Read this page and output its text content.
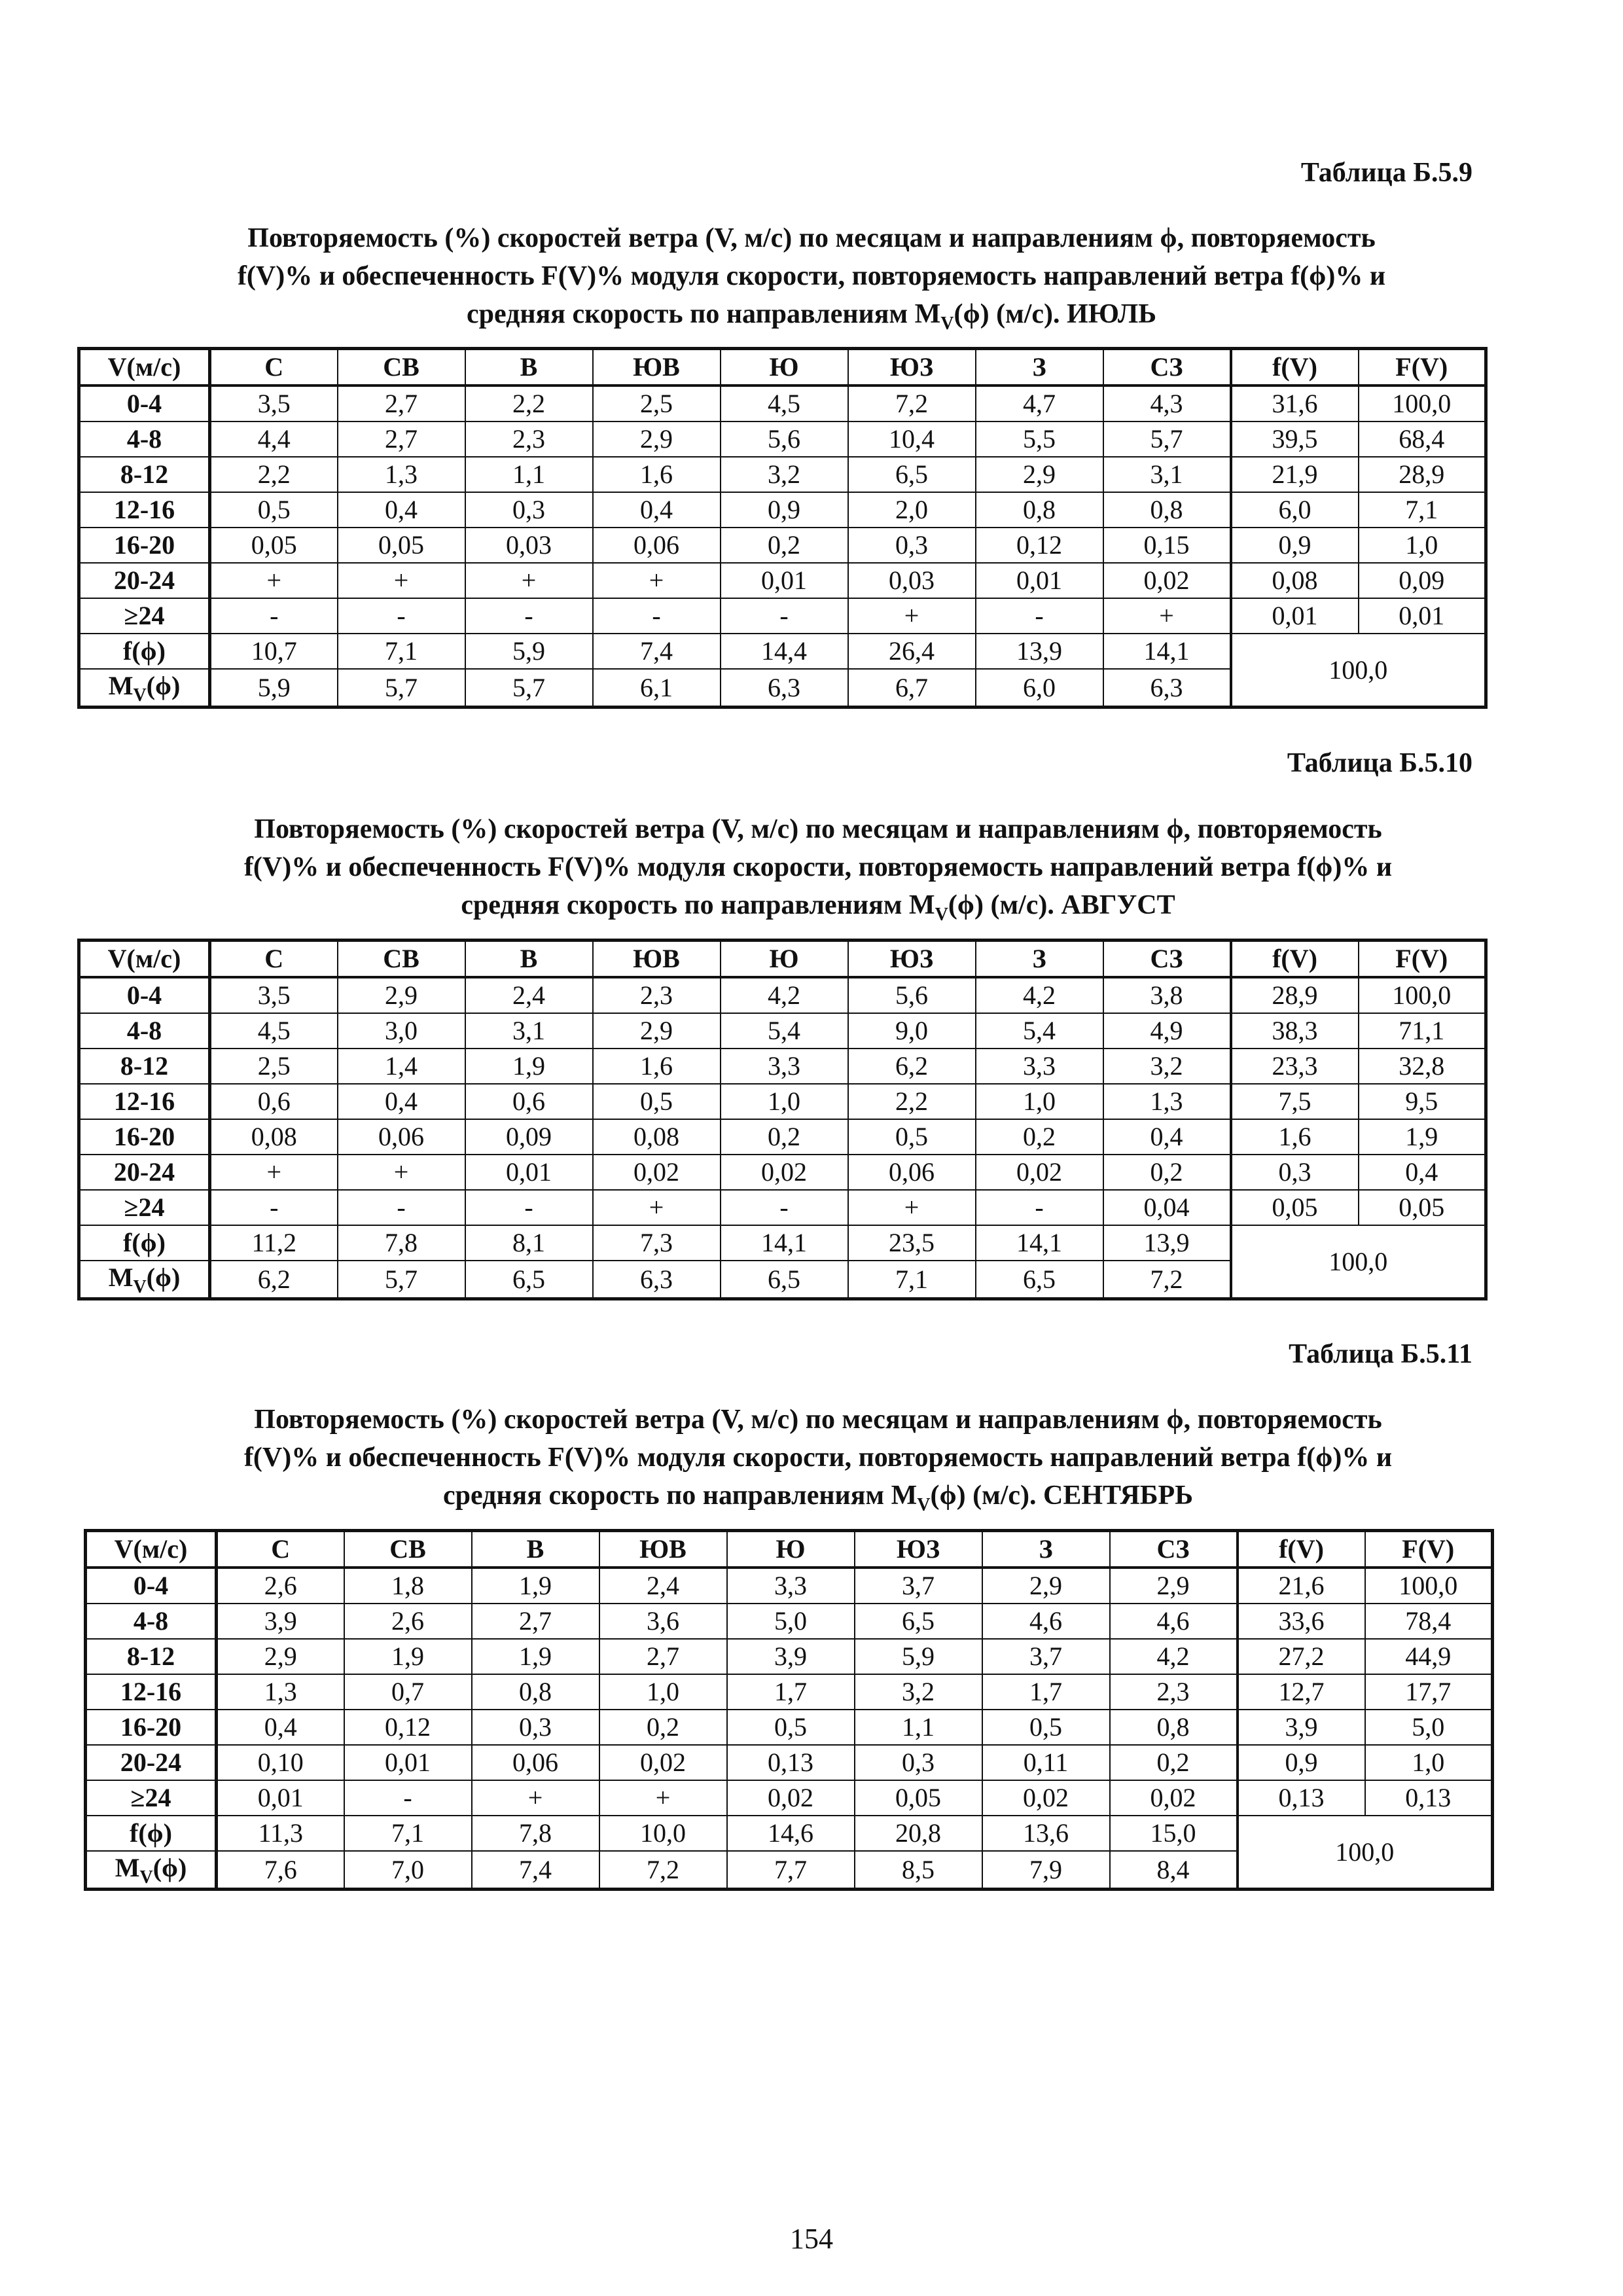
Таблица Б.5.9
Повторяемость (%) скоростей ветра (V, м/с) по месяцам и направлениям ϕ, повторяемость
f(V)% и обеспеченность F(V)% модуля скорости, повторяемость направлений ветра f(ϕ)% и
средняя скорость по направлениям $M_V(\phi)$ (м/с). ИЮЛЬ
V(м/с)	С	СВ	В	ЮВ	Ю	ЮЗ	З	СЗ	f(V)	F(V)
0-4	3,5	2,7	2,2	2,5	4,5	7,2	4,7	4,3	31,6	100,0
4-8	4,4	2,7	2,3	2,9	5,6	10,4	5,5	5,7	39,5	68,4
8-12	2,2	1,3	1,1	1,6	3,2	6,5	2,9	3,1	21,9	28,9
12-16	0,5	0,4	0,3	0,4	0,9	2,0	0,8	0,8	6,0	7,1
16-20	0,05	0,05	0,03	0,06	0,2	0,3	0,12	0,15	0,9	1,0
20-24	+	+	+	+	0,01	0,03	0,01	0,02	0,08	0,09
≥24	-	-	-	-	-	+	-	+	0,01	0,01
f(ϕ)	10,7	7,1	5,9	7,4	14,4	26,4	13,9	14,1	100,0	
$M_V(\phi)$	5,9	5,7	5,7	6,1	6,3	6,7	6,0	6,3		
Таблица Б.5.10
Повторяемость (%) скоростей ветра (V, м/с) по месяцам и направлениям ϕ, повторяемость
f(V)% и обеспеченность F(V)% модуля скорости, повторяемость направлений ветра f(ϕ)% и
средняя скорость по направлениям $M_V(\phi)$ (м/с). АВГУСТ
V(м/с)	С	СВ	В	ЮВ	Ю	ЮЗ	З	СЗ	f(V)	F(V)
0-4	3,5	2,9	2,4	2,3	4,2	5,6	4,2	3,8	28,9	100,0
4-8	4,5	3,0	3,1	2,9	5,4	9,0	5,4	4,9	38,3	71,1
8-12	2,5	1,4	1,9	1,6	3,3	6,2	3,3	3,2	23,3	32,8
12-16	0,6	0,4	0,6	0,5	1,0	2,2	1,0	1,3	7,5	9,5
16-20	0,08	0,06	0,09	0,08	0,2	0,5	0,2	0,4	1,6	1,9
20-24	+	+	0,01	0,02	0,02	0,06	0,02	0,2	0,3	0,4
≥24	-	-	-	+	-	+	-	0,04	0,05	0,05
f(ϕ)	11,2	7,8	8,1	7,3	14,1	23,5	14,1	13,9	100,0	
$M_V(\phi)$	6,2	5,7	6,5	6,3	6,5	7,1	6,5	7,2		
Таблица Б.5.11
Повторяемость (%) скоростей ветра (V, м/с) по месяцам и направлениям ϕ, повторяемость
f(V)% и обеспеченность F(V)% модуля скорости, повторяемость направлений ветра f(ϕ)% и
средняя скорость по направлениям $M_V(\phi)$ (м/с). СЕНТЯБРЬ
V(м/с)	С	СВ	В	ЮВ	Ю	ЮЗ	З	СЗ	f(V)	F(V)
0-4	2,6	1,8	1,9	2,4	3,3	3,7	2,9	2,9	21,6	100,0
4-8	3,9	2,6	2,7	3,6	5,0	6,5	4,6	4,6	33,6	78,4
8-12	2,9	1,9	1,9	2,7	3,9	5,9	3,7	4,2	27,2	44,9
12-16	1,3	0,7	0,8	1,0	1,7	3,2	1,7	2,3	12,7	17,7
16-20	0,4	0,12	0,3	0,2	0,5	1,1	0,5	0,8	3,9	5,0
20-24	0,10	0,01	0,06	0,02	0,13	0,3	0,11	0,2	0,9	1,0
≥24	0,01	-	+	+	0,02	0,05	0,02	0,02	0,13	0,13
f(ϕ)	11,3	7,1	7,8	10,0	14,6	20,8	13,6	15,0	100,0	
$M_V(\phi)$	7,6	7,0	7,4	7,2	7,7	8,5	7,9	8,4		
154
